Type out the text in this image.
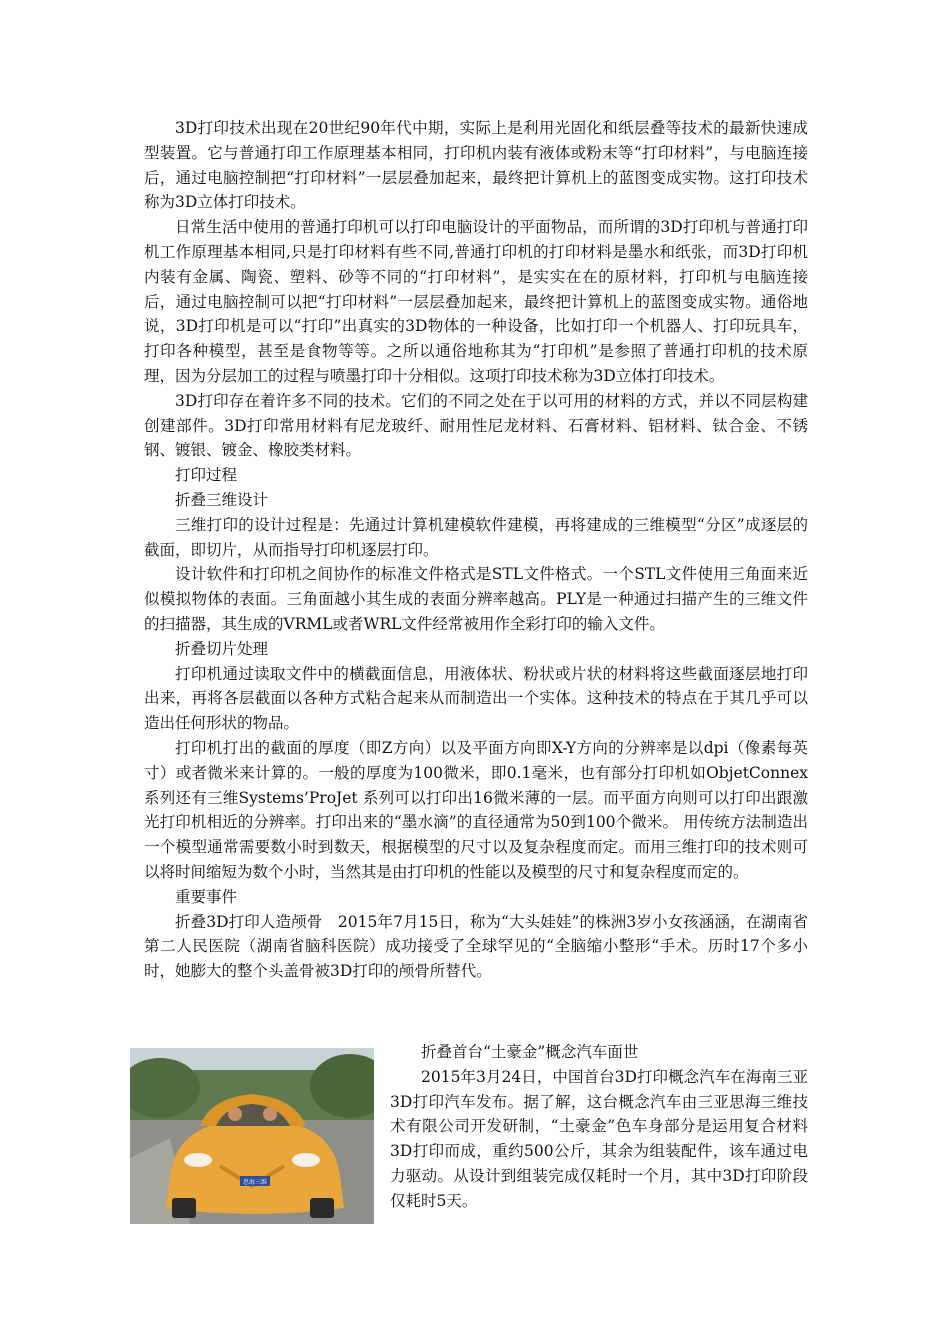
3D打印技术出现在20世纪90年代中期，实际上是利用光固化和纸层叠等技术的最新快速成型装置。它与普通打印工作原理基本相同，打印机内装有液体或粉末等“打印材料”，与电脑连接后，通过电脑控制把“打印材料”一层层叠加起来，最终把计算机上的蓝图变成实物。这打印技术称为3D立体打印技术。

日常生活中使用的普通打印机可以打印电脑设计的平面物品，而所谓的3D打印机与普通打印机工作原理基本相同,只是打印材料有些不同,普通打印机的打印材料是墨水和纸张，而3D打印机内装有金属、陶瓷、塑料、砂等不同的“打印材料”，是实实在在的原材料，打印机与电脑连接后，通过电脑控制可以把“打印材料”一层层叠加起来，最终把计算机上的蓝图变成实物。通俗地说，3D打印机是可以“打印”出真实的3D物体的一种设备，比如打印一个机器人、打印玩具车，打印各种模型，甚至是食物等等。之所以通俗地称其为“打印机”是参照了普通打印机的技术原理，因为分层加工的过程与喷墨打印十分相似。这项打印技术称为3D立体打印技术。

3D打印存在着许多不同的技术。它们的不同之处在于以可用的材料的方式，并以不同层构建创建部件。3D打印常用材料有尼龙玻纤、耐用性尼龙材料、石膏材料、铝材料、钛合金、不锈钢、镀银、镀金、橡胶类材料。

打印过程

折叠三维设计

三维打印的设计过程是：先通过计算机建模软件建模，再将建成的三维模型“分区”成逐层的截面，即切片，从而指导打印机逐层打印。

设计软件和打印机之间协作的标准文件格式是STL文件格式。一个STL文件使用三角面来近似模拟物体的表面。三角面越小其生成的表面分辨率越高。PLY是一种通过扫描产生的三维文件的扫描器，其生成的VRML或者WRL文件经常被用作全彩打印的输入文件。

折叠切片处理

打印机通过读取文件中的横截面信息，用液体状、粉状或片状的材料将这些截面逐层地打印出来，再将各层截面以各种方式粘合起来从而制造出一个实体。这种技术的特点在于其几乎可以造出任何形状的物品。

打印机打出的截面的厚度（即Z方向）以及平面方向即X-Y方向的分辨率是以dpi（像素每英寸）或者微米来计算的。一般的厚度为100微米，即0.1毫米，也有部分打印机如ObjetConnex 系列还有三维Systems’ProJet 系列可以打印出16微米薄的一层。而平面方向则可以打印出跟激光打印机相近的分辨率。打印出来的“墨水滴”的直径通常为50到100个微米。 用传统方法制造出一个模型通常需要数小时到数天，根据模型的尺寸以及复杂程度而定。而用三维打印的技术则可以将时间缩短为数个小时，当然其是由打印机的性能以及模型的尺寸和复杂程度而定的。

重要事件

折叠3D打印人造颅骨　2015年7月15日，称为“大头娃娃”的株洲3岁小女孩涵涵，在湖南省第二人民医院（湖南省脑科医院）成功接受了全球罕见的“全脑缩小整形“手术。历时17个多小时，她膨大的整个头盖骨被3D打印的颅骨所替代。

思海三维

折叠首台“土豪金”概念汽车面世

2015年3月24日，中国首台3D打印概念汽车在海南三亚3D打印汽车发布。据了解，这台概念汽车由三亚思海三维技术有限公司开发研制，“土豪金”色车身部分是运用复合材料3D打印而成，重约500公斤，其余为组装配件，该车通过电力驱动。从设计到组装完成仅耗时一个月，其中3D打印阶段仅耗时5天。
